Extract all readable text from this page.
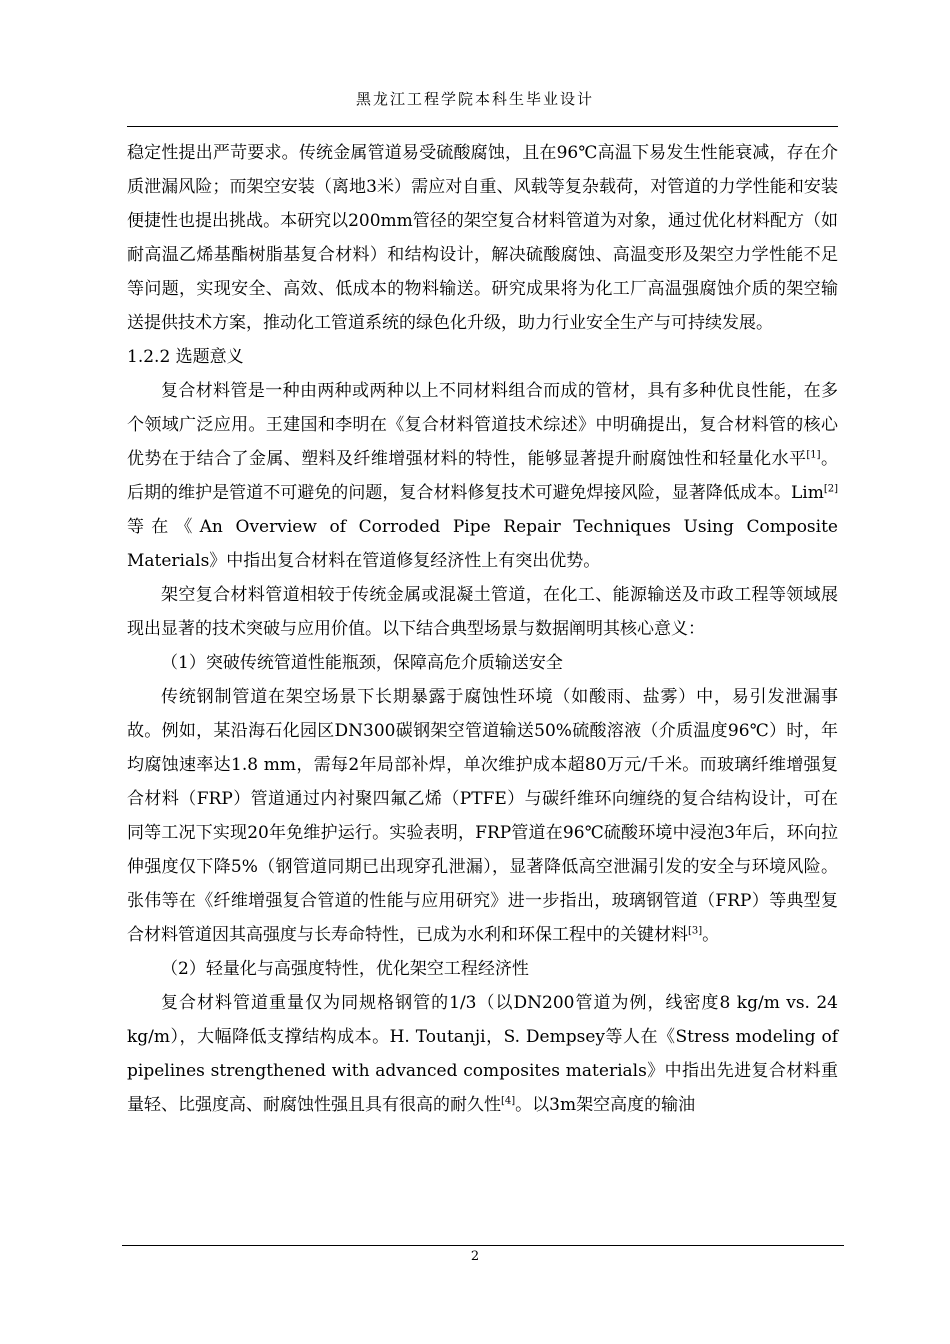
黑龙江工程学院本科生毕业设计

稳定性提出严苛要求。传统金属管道易受硫酸腐蚀，且在96℃高温下易发生性能衰减，存在介质泄漏风险；而架空安装（离地3米）需应对自重、风载等复杂载荷，对管道的力学性能和安装便捷性也提出挑战。本研究以200mm管径的架空复合材料管道为对象，通过优化材料配方（如耐高温乙烯基酯树脂基复合材料）和结构设计，解决硫酸腐蚀、高温变形及架空力学性能不足等问题，实现安全、高效、低成本的物料输送。研究成果将为化工厂高温强腐蚀介质的架空输送提供技术方案，推动化工管道系统的绿色化升级，助力行业安全生产与可持续发展。

1.2.2 选题意义

复合材料管是一种由两种或两种以上不同材料组合而成的管材，具有多种优良性能，在多个领域广泛应用。王建国和李明在《复合材料管道技术综述》中明确提出，复合材料管的核心优势在于结合了金属、塑料及纤维增强材料的特性，能够显著提升耐腐蚀性和轻量化水平[1]。后期的维护是管道不可避免的问题，复合材料修复技术可避免焊接风险，显著降低成本。Lim[2]等在《An Overview of Corroded Pipe Repair Techniques Using Composite Materials》中指出复合材料在管道修复经济性上有突出优势。

架空复合材料管道相较于传统金属或混凝土管道，在化工、能源输送及市政工程等领域展现出显著的技术突破与应用价值。以下结合典型场景与数据阐明其核心意义：

（1）突破传统管道性能瓶颈，保障高危介质输送安全

传统钢制管道在架空场景下长期暴露于腐蚀性环境（如酸雨、盐雾）中，易引发泄漏事故。例如，某沿海石化园区DN300碳钢架空管道输送50%硫酸溶液（介质温度96℃）时，年均腐蚀速率达1.8 mm，需每2年局部补焊，单次维护成本超80万元/千米。而玻璃纤维增强复合材料（FRP）管道通过内衬聚四氟乙烯（PTFE）与碳纤维环向缠绕的复合结构设计，可在同等工况下实现20年免维护运行。实验表明，FRP管道在96℃硫酸环境中浸泡3年后，环向拉伸强度仅下降5%（钢管道同期已出现穿孔泄漏），显著降低高空泄漏引发的安全与环境风险。张伟等在《纤维增强复合管道的性能与应用研究》进一步指出，玻璃钢管道（FRP）等典型复合材料管道因其高强度与长寿命特性，已成为水利和环保工程中的关键材料[3]。

（2）轻量化与高强度特性，优化架空工程经济性

复合材料管道重量仅为同规格钢管的1/3（以DN200管道为例，线密度8 kg/m vs. 24 kg/m），大幅降低支撑结构成本。H. Toutanji，S. Dempsey等人在《Stress modeling of pipelines strengthened with advanced composites materials》中指出先进复合材料重量轻、比强度高、耐腐蚀性强且具有很高的耐久性[4]。以3m架空高度的输油

2
